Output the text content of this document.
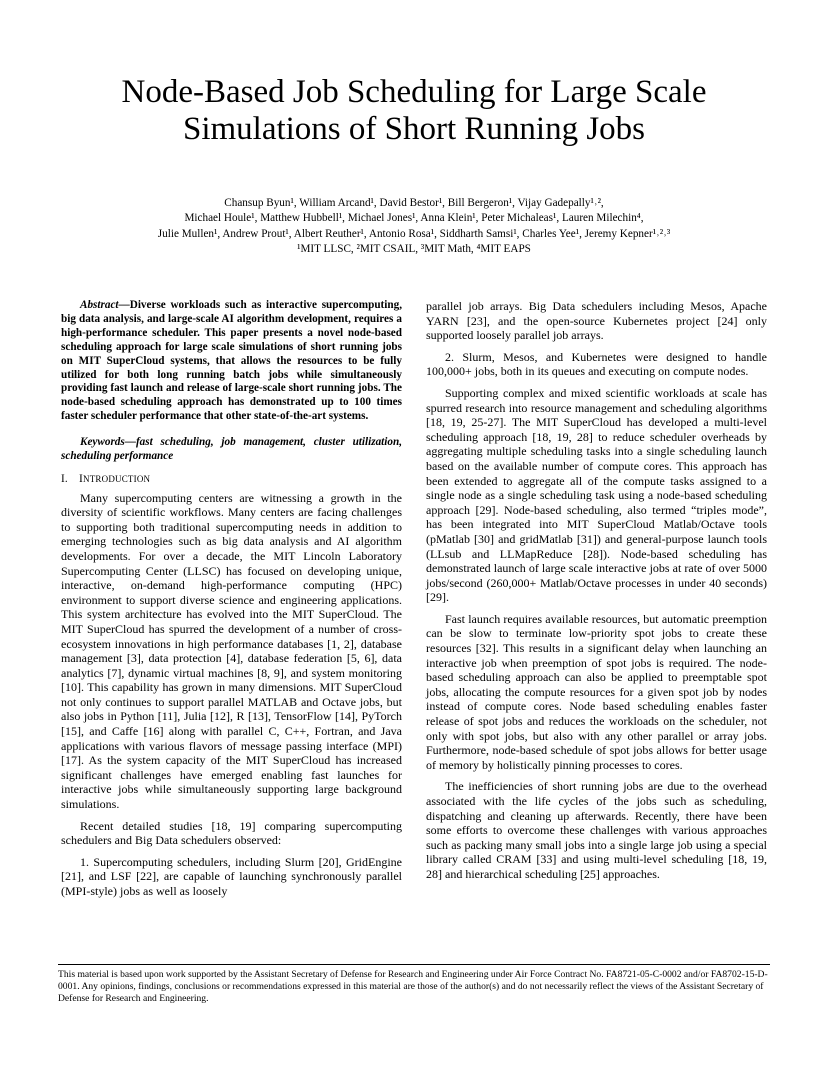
Node-Based Job Scheduling for Large Scale
Simulations of Short Running Jobs
Chansup Byun¹, William Arcand¹, David Bestor¹, Bill Bergeron¹, Vijay Gadepally¹˒²,
Michael Houle¹, Matthew Hubbell¹, Michael Jones¹, Anna Klein¹, Peter Michaleas¹, Lauren Milechin⁴,
Julie Mullen¹, Andrew Prout¹, Albert Reuther¹, Antonio Rosa¹, Siddharth Samsi¹, Charles Yee¹, Jeremy Kepner¹˒²˒³
¹MIT LLSC, ²MIT CSAIL, ³MIT Math, ⁴MIT EAPS

Abstract—Diverse workloads such as interactive supercomputing, big data analysis, and large-scale AI algorithm development, requires a high-performance scheduler. This paper presents a novel node-based scheduling approach for large scale simulations of short running jobs on MIT SuperCloud systems, that allows the resources to be fully utilized for both long running batch jobs while simultaneously providing fast launch and release of large-scale short running jobs. The node-based scheduling approach has demonstrated up to 100 times faster scheduler performance that other state-of-the-art systems.

Keywords—fast scheduling, job management, cluster utilization, scheduling performance

I. INTRODUCTION

Many supercomputing centers are witnessing a growth in the diversity of scientific workflows. Many centers are facing challenges to supporting both traditional supercomputing needs in addition to emerging technologies such as big data analysis and AI algorithm developments. For over a decade, the MIT Lincoln Laboratory Supercomputing Center (LLSC) has focused on developing unique, interactive, on-demand high-performance computing (HPC) environment to support diverse science and engineering applications. This system architecture has evolved into the MIT SuperCloud. The MIT SuperCloud has spurred the development of a number of cross-ecosystem innovations in high performance databases [1, 2], database management [3], data protection [4], database federation [5, 6], data analytics [7], dynamic virtual machines [8, 9], and system monitoring [10]. This capability has grown in many dimensions. MIT SuperCloud not only continues to support parallel MATLAB and Octave jobs, but also jobs in Python [11], Julia [12], R [13], TensorFlow [14], PyTorch [15], and Caffe [16] along with parallel C, C++, Fortran, and Java applications with various flavors of message passing interface (MPI) [17]. As the system capacity of the MIT SuperCloud has increased significant challenges have emerged enabling fast launches for interactive jobs while simultaneously supporting large background simulations.

Recent detailed studies [18, 19] comparing supercomputing schedulers and Big Data schedulers observed:

1. Supercomputing schedulers, including Slurm [20], GridEngine [21], and LSF [22], are capable of launching synchronously parallel (MPI-style) jobs as well as loosely

parallel job arrays. Big Data schedulers including Mesos, Apache YARN [23], and the open-source Kubernetes project [24] only supported loosely parallel job arrays.

2. Slurm, Mesos, and Kubernetes were designed to handle 100,000+ jobs, both in its queues and executing on compute nodes.

Supporting complex and mixed scientific workloads at scale has spurred research into resource management and scheduling algorithms [18, 19, 25-27]. The MIT SuperCloud has developed a multi-level scheduling approach [18, 19, 28] to reduce scheduler overheads by aggregating multiple scheduling tasks into a single scheduling launch based on the available number of compute cores. This approach has been extended to aggregate all of the compute tasks assigned to a single node as a single scheduling task using a node-based scheduling approach [29]. Node-based scheduling, also termed “triples mode”, has been integrated into MIT SuperCloud Matlab/Octave tools (pMatlab [30] and gridMatlab [31]) and general-purpose launch tools (LLsub and LLMapReduce [28]). Node-based scheduling has demonstrated launch of large scale interactive jobs at rate of over 5000 jobs/second (260,000+ Matlab/Octave processes in under 40 seconds) [29].

Fast launch requires available resources, but automatic preemption can be slow to terminate low-priority spot jobs to create these resources [32]. This results in a significant delay when launching an interactive job when preemption of spot jobs is required. The node-based scheduling approach can also be applied to preemptable spot jobs, allocating the compute resources for a given spot job by nodes instead of compute cores. Node based scheduling enables faster release of spot jobs and reduces the workloads on the scheduler, not only with spot jobs, but also with any other parallel or array jobs. Furthermore, node-based schedule of spot jobs allows for better usage of memory by holistically pinning processes to cores.

The inefficiencies of short running jobs are due to the overhead associated with the life cycles of the jobs such as scheduling, dispatching and cleaning up afterwards. Recently, there have been some efforts to overcome these challenges with various approaches such as packing many small jobs into a single large job using a special library called CRAM [33] and using multi-level scheduling [18, 19, 28] and hierarchical scheduling [25] approaches.

This material is based upon work supported by the Assistant Secretary of Defense for Research and Engineering under Air Force Contract No. FA8721-05-C-0002 and/or FA8702-15-D-0001. Any opinions, findings, conclusions or recommendations expressed in this material are those of the author(s) and do not necessarily reflect the views of the Assistant Secretary of Defense for Research and Engineering.
